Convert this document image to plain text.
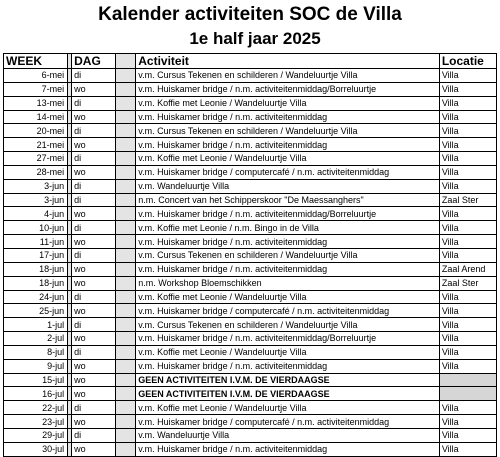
Kalender activiteiten SOC de Villa
1e half jaar 2025
WEEK		DAG		Activiteit	Locatie
6-mei		di		v.m. Cursus Tekenen en schilderen / Wandeluurtje Villa	Villa
7-mei		wo		v.m. Huiskamer bridge / n.m. activiteitenmiddag/Borreluurtje	Villa
13-mei		di		v.m. Koffie met Leonie / Wandeluurtje Villa	Villa
14-mei		wo		v.m. Huiskamer bridge / n.m. activiteitenmiddag	Villa
20-mei		di		v.m. Cursus Tekenen en schilderen / Wandeluurtje Villa	Villa
21-mei		wo		v.m. Huiskamer bridge / n.m. activiteitenmiddag	Villa
27-mei		di		v.m. Koffie met Leonie / Wandeluurtje Villa	Villa
28-mei		wo		v.m. Huiskamer bridge / computercafé / n.m. activiteitenmiddag	Villa
3-jun		di		v.m. Wandeluurtje Villa	Villa
3-jun		di		n.m. Concert van het Schipperskoor "De Maessanghers"	Zaal Ster
4-jun		wo		v.m. Huiskamer bridge / n.m. activiteitenmiddag/Borreluurtje	Villa
10-jun		di		v.m. Koffie met Leonie / n.m. Bingo in de Villa	Villa
11-jun		wo		v.m. Huiskamer bridge / n.m. activiteitenmiddag	Villa
17-jun		di		v.m. Cursus Tekenen en schilderen / Wandeluurtje Villa	Villa
18-jun		wo		v.m. Huiskamer bridge / n.m. activiteitenmiddag	Zaal Arend
18-jun		wo		n.m. Workshop Bloemschikken	Zaal Ster
24-jun		di		v.m. Koffie met Leonie / Wandeluurtje Villa	Villa
25-jun		wo		v.m. Huiskamer bridge / computercafé / n.m. activiteitenmiddag	Villa
1-jul		di		v.m. Cursus Tekenen en schilderen / Wandeluurtje Villa	Villa
2-jul		wo		v.m. Huiskamer bridge / n.m. activiteitenmiddag/Borreluurtje	Villa
8-jul		di		v.m. Koffie met Leonie / Wandeluurtje Villa	Villa
9-jul		wo		v.m. Huiskamer bridge / n.m. activiteitenmiddag	Villa
15-jul		wo		GEEN ACTIVITEITEN I.V.M. DE VIERDAAGSE	
16-jul		wo		GEEN ACTIVITEITEN I.V.M. DE VIERDAAGSE	
22-jul		di		v.m. Koffie met Leonie / Wandeluurtje Villa	Villa
23-jul		wo		v.m. Huiskamer bridge / computercafé / n.m. activiteitenmiddag	Villa
29-jul		di		v.m. Wandeluurtje Villa	Villa
30-jul		wo		v.m. Huiskamer bridge / n.m. activiteitenmiddag	Villa
